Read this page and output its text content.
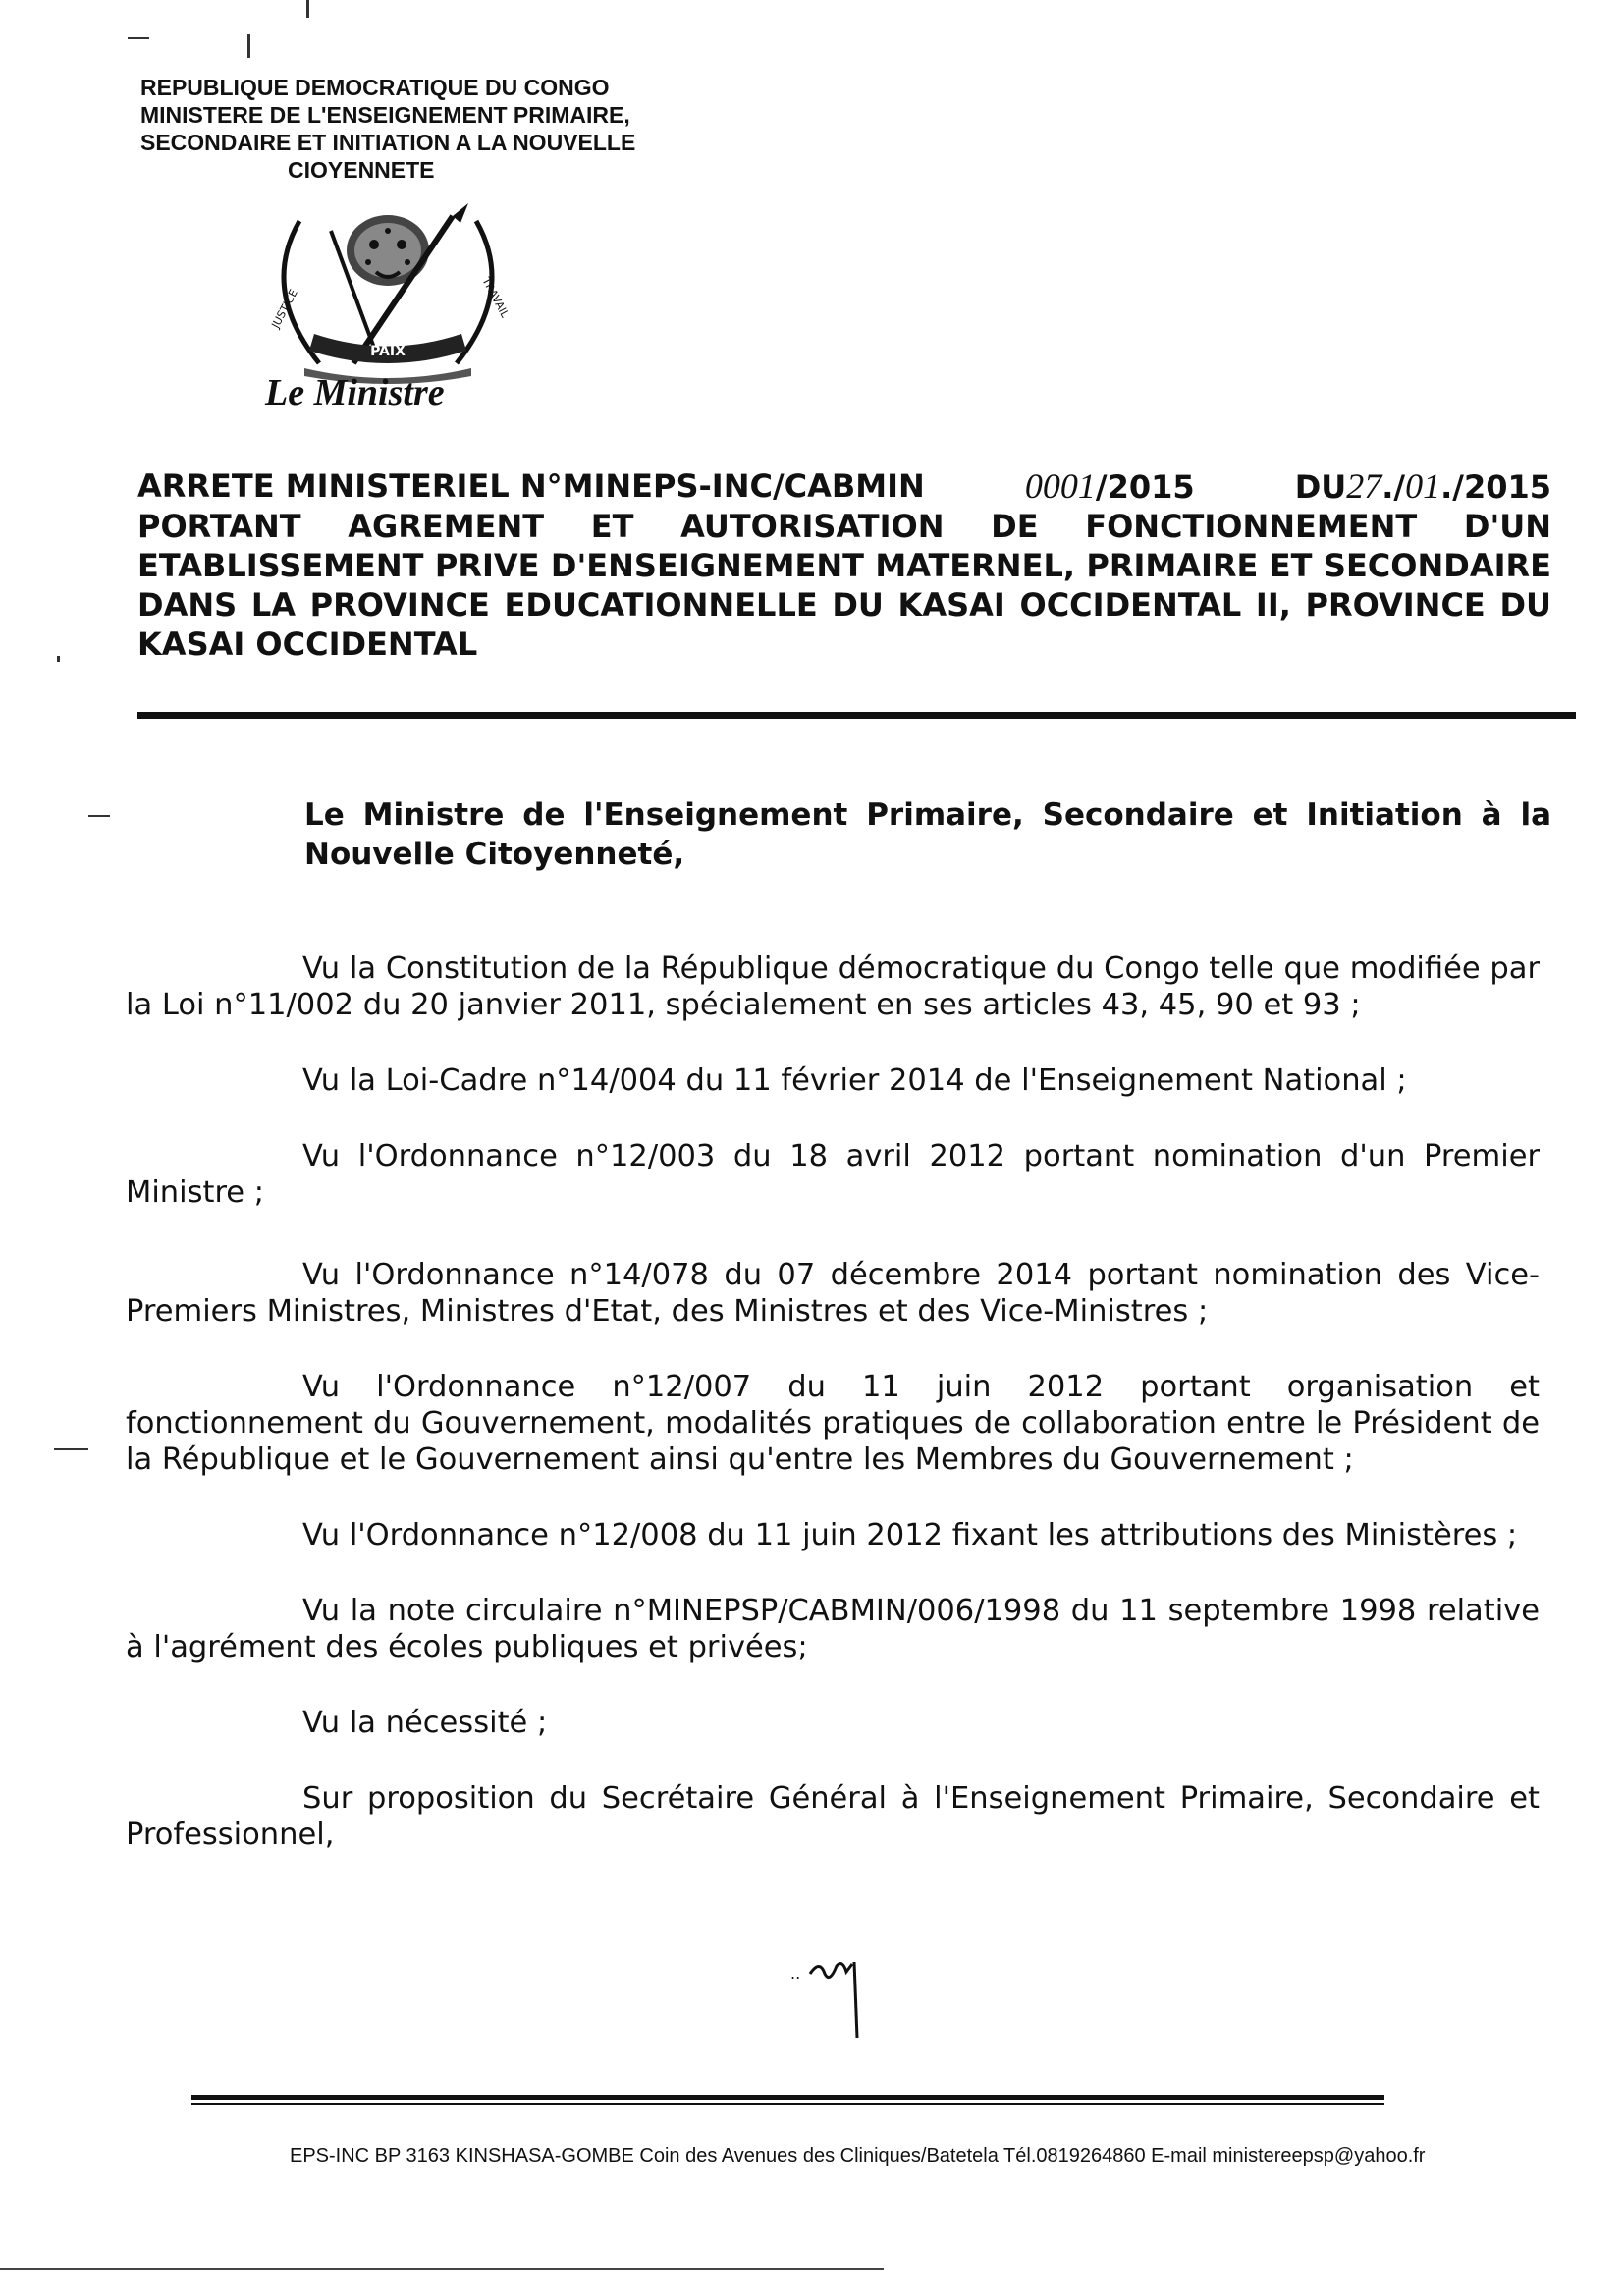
REPUBLIQUE DEMOCRATIQUE DU CONGO
MINISTERE DE L'ENSEIGNEMENT PRIMAIRE,
SECONDAIRE ET INITIATION A LA NOUVELLE
CIOYENNETE
JUSTICE	TRAVAIL
PAIX
Le Ministre
ARRETE MINISTERIEL N°MINEPS-INC/CABMIN	0001/2015	DU27./01./2015
PORTANT AGREMENT ET AUTORISATION DE FONCTIONNEMENT D'UN
ETABLISSEMENT PRIVE D'ENSEIGNEMENT MATERNEL, PRIMAIRE ET SECONDAIRE
DANS LA PROVINCE EDUCATIONNELLE DU KASAI OCCIDENTAL II, PROVINCE DU
KASAI OCCIDENTAL
Le Ministre de l'Enseignement Primaire, Secondaire et Initiation à la Nouvelle Citoyenneté,

Vu la Constitution de la République démocratique du Congo telle que modifiée par la Loi n°11/002 du 20 janvier 2011, spécialement en ses articles 43, 45, 90 et 93 ;

Vu la Loi-Cadre n°14/004 du 11 février 2014 de l'Enseignement National ;

Vu l'Ordonnance n°12/003 du 18 avril 2012 portant nomination d'un Premier Ministre ;

Vu l'Ordonnance n°14/078 du 07 décembre 2014 portant nomination des Vice-Premiers Ministres, Ministres d'Etat, des Ministres et des Vice-Ministres ;

Vu l'Ordonnance n°12/007 du 11 juin 2012 portant organisation et fonctionnement du Gouvernement, modalités pratiques de collaboration entre le Président de la République et le Gouvernement ainsi qu'entre les Membres du Gouvernement ;

Vu l'Ordonnance n°12/008 du 11 juin 2012 fixant les attributions des Ministères ;

Vu la note circulaire n°MINEPSP/CABMIN/006/1998 du 11 septembre 1998 relative à l'agrément des écoles publiques et privées;

Vu la nécessité ;

Sur proposition du Secrétaire Général à l'Enseignement Primaire, Secondaire et Professionnel,

..
EPS-INC BP 3163 KINSHASA-GOMBE Coin des Avenues des Cliniques/Batetela Tél.0819264860 E-mail ministereepsp@yahoo.fr
